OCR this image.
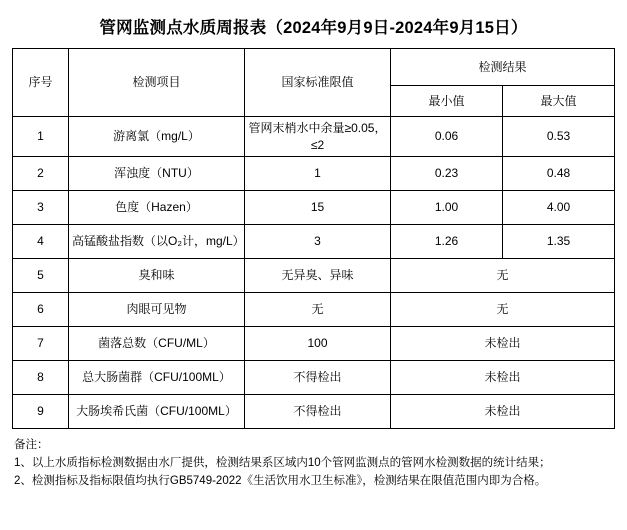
管网监测点水质周报表（2024年9月9日-2024年9月15日）
序号	检测项目	国家标准限值	检测结果	
			最小值	最大值
1	游离氯（mg/L）	管网末梢水中余量≥0.05，≤2	0.06	0.53
2	浑浊度（NTU）	1	0.23	0.48
3	色度（Hazen）	15	1.00	4.00
4	高锰酸盐指数（以O₂计，mg/L）	3	1.26	1.35
5	臭和味	无异臭、异味	无	
6	肉眼可见物	无	无	
7	菌落总数（CFU/ML）	100	未检出	
8	总大肠菌群（CFU/100ML）	不得检出	未检出	
9	大肠埃希氏菌（CFU/100ML）	不得检出	未检出	
备注：
1、以上水质指标检测数据由水厂提供，检测结果系区域内10个管网监测点的管网水检测数据的统计结果；
2、检测指标及指标限值均执行GB5749-2022《生活饮用水卫生标准》，检测结果在限值范围内即为合格。
